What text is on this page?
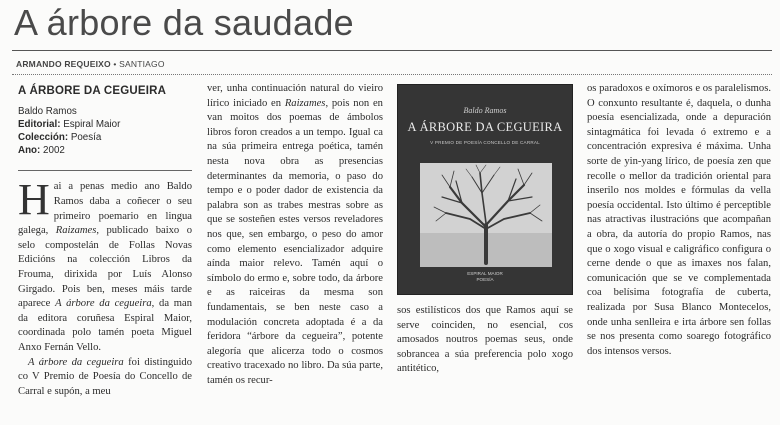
A árbore da saudade
ARMANDO REQUEIXO • SANTIAGO
A ÁRBORE DA CEGUEIRA
Baldo Ramos
Editorial: Espiral Maior
Colección: Poesía
Ano: 2002

Hai a penas medio ano Baldo Ramos daba a coñecer o seu primeiro poemario en lingua galega, Raizames, publicado baixo o selo compostelán de Follas Novas Edicións na colección Libros da Frouma, dirixida por Luís Alonso Girgado. Pois ben, meses máis tarde aparece A árbore da cegueira, da man da editora coruñesa Espiral Maior, coordinada polo tamén poeta Miguel Anxo Fernán Vello.

A árbore da cegueira foi distinguido co V Premio de Poesía do Concello de Carral e supón, a meu

ver, unha continuación natural do vieiro lírico iniciado en Raizames, pois non en van moitos dos poemas de ámbolos libros foron creados a un tempo. Igual ca na súa primeira entrega poética, tamén nesta nova obra as presencias determinantes da memoria, o paso do tempo e o poder dador de existencia da palabra son as trabes mestras sobre as que se sosteñen estes versos reveladores nos que, sen embargo, o peso do amor como elemento esencializador adquire aínda maior relevo. Tamén aquí o símbolo do ermo e, sobre todo, da árbore e as raiceiras da mesma son fundamentais, se ben neste caso a modulación concreta adoptada é a da feridora “árbore da cegueira”, potente alegoría que alicerza todo o cosmos creativo tracexado no libro. Da súa parte, tamén os recur-

Baldo Ramos
A ÁRBORE DA CEGUEIRA
V PREMIO DE POESÍA CONCELLO DE CARRAL
ESPIRAL MAIOR
POESÍA

sos estilísticos dos que Ramos aquí se serve coinciden, no esencial, cos amosados noutros poemas seus, onde sobrancea a súa preferencia polo xogo antitético,

os paradoxos e oxímoros e os paralelismos. O conxunto resultante é, daquela, o dunha poesía esencializada, onde a depuración sintagmática foi levada ó extremo e a concentración expresiva é máxima. Unha sorte de yin-yang lírico, de poesía zen que recolle o mellor da tradición oriental para inserilo nos moldes e fórmulas da vella poesía occidental. Isto último é perceptible nas atractivas ilustracións que acompañan a obra, da autoría do propio Ramos, nas que o xogo visual e caligráfico configura o cerne dende o que as imaxes nos falan, comunicación que se ve complementada coa belísima fotografía de cuberta, realizada por Susa Blanco Montecelos, onde unha senlleira e irta árbore sen follas se nos presenta como soarego fotográfico dos intensos versos.
